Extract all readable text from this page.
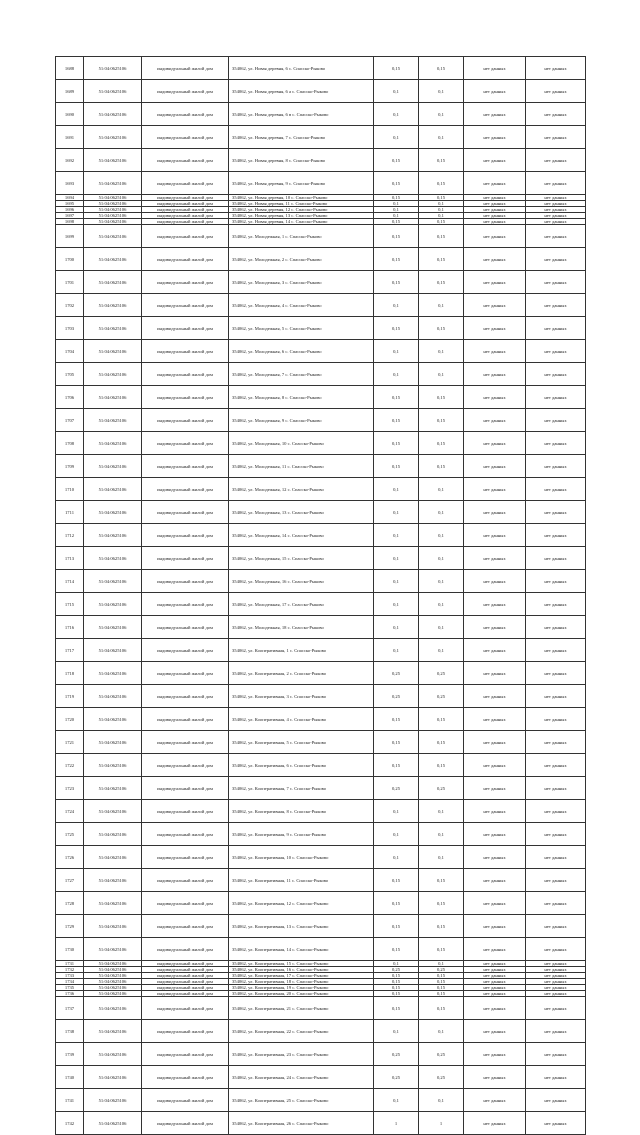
1688	51:04:0625106	индивидуальный жилой дом	354062, ул. Новая деревня, 6 с. Спасско-Рыково	0,15	0,15	нет данных	нет данных
1689	51:04:0625106	индивидуальный жилой дом	354062, ул. Новая деревня, 6 а с. Спасско-Рыково	0,1	0,1	нет данных	нет данных
1690	51:04:0625106	индивидуальный жилой дом	354062, ул. Новая деревня, 6 в с. Спасско-Рыково	0,1	0,1	нет данных	нет данных
1691	51:04:0625106	индивидуальный жилой дом	354062, ул. Новая деревня, 7 с. Спасско-Рыково	0,1	0,1	нет данных	нет данных
1692	51:04:0625106	индивидуальный жилой дом	354062, ул. Новая деревня, 8 с. Спасско-Рыково	0,15	0,15	нет данных	нет данных
1693	51:04:0625106	индивидуальный жилой дом	354062, ул. Новая деревня, 9 с. Спасско-Рыково	0,15	0,15	нет данных	нет данных
1694	51:04:0625106	индивидуальный жилой дом	354062, ул. Новая деревня, 10 с. Спасско-Рыково	0,15	0,15	нет данных	нет данных
1695	51:04:0625106	индивидуальный жилой дом	354062, ул. Новая деревня, 11 с. Спасско-Рыково	0,1	0,1	нет данных	нет данных
1696	51:04:0625106	индивидуальный жилой дом	354062, ул. Новая деревня, 12 с. Спасско-Рыково	0,1	0,1	нет данных	нет данных
1697	51:04:0625106	индивидуальный жилой дом	354062, ул. Новая деревня, 13 с. Спасско-Рыково	0,1	0,1	нет данных	нет данных
1698	51:04:0625106	индивидуальный жилой дом	354062, ул. Новая деревня, 14 с. Спасско-Рыково	0,15	0,15	нет данных	нет данных
1699	51:04:0625106	индивидуальный жилой дом	354062, ул. Молодежная, 1 с. Спасско-Рыково	0,15	0,15	нет данных	нет данных
1700	51:04:0625106	индивидуальный жилой дом	354062, ул. Молодежная, 2 с. Спасско-Рыково	0,15	0,15	нет данных	нет данных
1701	51:04:0625106	индивидуальный жилой дом	354062, ул. Молодежная, 3 с. Спасско-Рыково	0,15	0,15	нет данных	нет данных
1702	51:04:0625106	индивидуальный жилой дом	354062, ул. Молодежная, 4 с. Спасско-Рыково	0,1	0,1	нет данных	нет данных
1703	51:04:0625106	индивидуальный жилой дом	354062, ул. Молодежная, 5 с. Спасско-Рыково	0,15	0,15	нет данных	нет данных
1704	51:04:0625106	индивидуальный жилой дом	354062, ул. Молодежная, 6 с. Спасско-Рыково	0,1	0,1	нет данных	нет данных
1705	51:04:0625106	индивидуальный жилой дом	354062, ул. Молодежная, 7 с. Спасско-Рыково	0,1	0,1	нет данных	нет данных
1706	51:04:0625106	индивидуальный жилой дом	354062, ул. Молодежная, 8 с. Спасско-Рыково	0,15	0,15	нет данных	нет данных
1707	51:04:0625106	индивидуальный жилой дом	354062, ул. Молодежная, 9 с. Спасско-Рыково	0,15	0,15	нет данных	нет данных
1708	51:04:0625106	индивидуальный жилой дом	354062, ул. Молодежная, 10 с. Спасско-Рыково	0,15	0,15	нет данных	нет данных
1709	51:04:0625106	индивидуальный жилой дом	354062, ул. Молодежная, 11 с. Спасско-Рыково	0,15	0,15	нет данных	нет данных
1710	51:04:0625106	индивидуальный жилой дом	354062, ул. Молодежная, 12 с. Спасско-Рыково	0,1	0,1	нет данных	нет данных
1711	51:04:0625106	индивидуальный жилой дом	354062, ул. Молодежная, 13 с. Спасско-Рыково	0,1	0,1	нет данных	нет данных
1712	51:04:0625106	индивидуальный жилой дом	354062, ул. Молодежная, 14 с. Спасско-Рыково	0,1	0,1	нет данных	нет данных
1713	51:04:0625106	индивидуальный жилой дом	354062, ул. Молодежная, 15 с. Спасско-Рыково	0,1	0,1	нет данных	нет данных
1714	51:04:0625106	индивидуальный жилой дом	354062, ул. Молодежная, 16 с. Спасско-Рыково	0,1	0,1	нет данных	нет данных
1715	51:04:0625106	индивидуальный жилой дом	354062, ул. Молодежная, 17 с. Спасско-Рыково	0,1	0,1	нет данных	нет данных
1716	51:04:0625106	индивидуальный жилой дом	354062, ул. Молодежная, 18 с. Спасско-Рыково	0,1	0,1	нет данных	нет данных
1717	51:04:0625106	индивидуальный жилой дом	354062, ул. Кооперативная, 1 с. Спасско-Рыково	0,1	0,1	нет данных	нет данных
1718	51:04:0625106	индивидуальный жилой дом	354062, ул. Кооперативная, 2 с. Спасско-Рыково	0,25	0,25	нет данных	нет данных
1719	51:04:0625106	индивидуальный жилой дом	354062, ул. Кооперативная, 3 с. Спасско-Рыково	0,25	0,25	нет данных	нет данных
1720	51:04:0625106	индивидуальный жилой дом	354062, ул. Кооперативная, 4 с. Спасско-Рыково	0,15	0,15	нет данных	нет данных
1721	51:04:0625106	индивидуальный жилой дом	354062, ул. Кооперативная, 5 с. Спасско-Рыково	0,15	0,15	нет данных	нет данных
1722	51:04:0625106	индивидуальный жилой дом	354062, ул. Кооперативная, 6 с. Спасско-Рыково	0,15	0,15	нет данных	нет данных
1723	51:04:0625106	индивидуальный жилой дом	354062, ул. Кооперативная, 7 с. Спасско-Рыково	0,25	0,25	нет данных	нет данных
1724	51:04:0625106	индивидуальный жилой дом	354062, ул. Кооперативная, 8 с. Спасско-Рыково	0,1	0,1	нет данных	нет данных
1725	51:04:0625106	индивидуальный жилой дом	354062, ул. Кооперативная, 9 с. Спасско-Рыково	0,1	0,1	нет данных	нет данных
1726	51:04:0625106	индивидуальный жилой дом	354062, ул. Кооперативная, 10 с. Спасско-Рыково	0,1	0,1	нет данных	нет данных
1727	51:04:0625106	индивидуальный жилой дом	354062, ул. Кооперативная, 11 с. Спасско-Рыково	0,15	0,15	нет данных	нет данных
1728	51:04:0625106	индивидуальный жилой дом	354062, ул. Кооперативная, 12 с. Спасско-Рыково	0,15	0,15	нет данных	нет данных
1729	51:04:0625106	индивидуальный жилой дом	354062, ул. Кооперативная, 13 с. Спасско-Рыково	0,15	0,15	нет данных	нет данных
1730	51:04:0625106	индивидуальный жилой дом	354062, ул. Кооперативная, 14 с. Спасско-Рыково	0,15	0,15	нет данных	нет данных
1731	51:04:0625106	индивидуальный жилой дом	354062, ул. Кооперативная, 15 с. Спасско-Рыково	0,1	0,1	нет данных	нет данных
1732	51:04:0625106	индивидуальный жилой дом	354062, ул. Кооперативная, 16 с. Спасско-Рыково	0,25	0,25	нет данных	нет данных
1733	51:04:0625106	индивидуальный жилой дом	354062, ул. Кооперативная, 17 с. Спасско-Рыково	0,15	0,15	нет данных	нет данных
1734	51:04:0625106	индивидуальный жилой дом	354062, ул. Кооперативная, 18 с. Спасско-Рыково	0,15	0,15	нет данных	нет данных
1735	51:04:0625106	индивидуальный жилой дом	354062, ул. Кооперативная, 19 с. Спасско-Рыково	0,15	0,15	нет данных	нет данных
1736	51:04:0625106	индивидуальный жилой дом	354062, ул. Кооперативная, 20 с. Спасско-Рыково	0,15	0,15	нет данных	нет данных
1737	51:04:0625106	индивидуальный жилой дом	354062, ул. Кооперативная, 21 с. Спасско-Рыково	0,15	0,15	нет данных	нет данных
1738	51:04:0625106	индивидуальный жилой дом	354062, ул. Кооперативная, 22 с. Спасско-Рыково	0,1	0,1	нет данных	нет данных
1739	51:04:0625106	индивидуальный жилой дом	354062, ул. Кооперативная, 23 с. Спасско-Рыково	0,25	0,25	нет данных	нет данных
1740	51:04:0625106	индивидуальный жилой дом	354062, ул. Кооперативная, 24 с. Спасско-Рыково	0,25	0,25	нет данных	нет данных
1741	51:04:0625106	индивидуальный жилой дом	354062, ул. Кооперативная, 25 с. Спасско-Рыково	0,1	0,1	нет данных	нет данных
1742	51:04:0625106	индивидуальный жилой дом	354062, ул. Кооперативная, 26 с. Спасско-Рыково	1	1	нет данных	нет данных
